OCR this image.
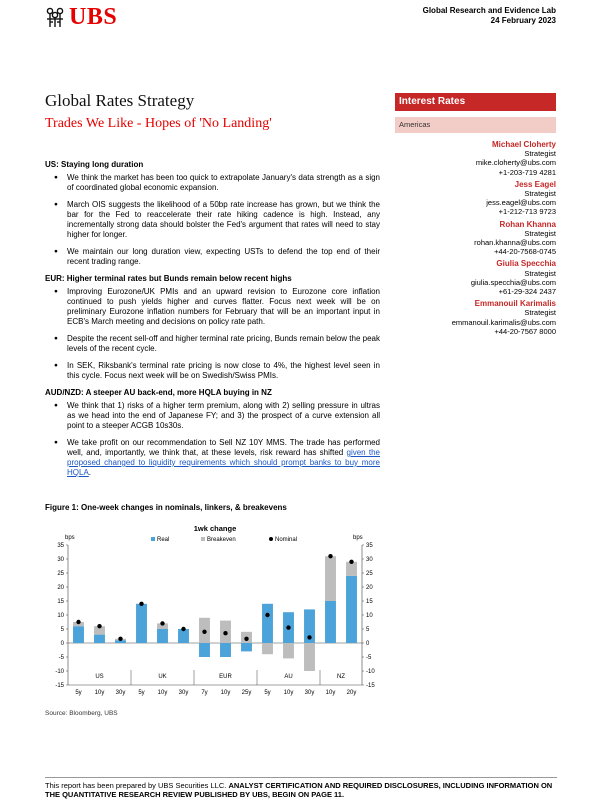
UBS	Global Research and Evidence Lab
24 February 2023
Global Rates Strategy
Trades We Like - Hopes of 'No Landing'
Interest Rates
Americas
Michael Cloherty
Strategist
mike.cloherty@ubs.com
+1-203-719 4281
Jess Eagel
Strategist
jess.eagel@ubs.com
+1-212-713 9723
Rohan Khanna
Strategist
rohan.khanna@ubs.com
+44-20-7568-0745
Giulia Specchia
Strategist
giulia.specchia@ubs.com
+61-29-324 2437
Emmanouil Karimalis
Strategist
emmanouil.karimalis@ubs.com
+44-20-7567 8000
US: Staying long duration
● We think the market has been too quick to extrapolate January's data strength as a sign of coordinated global economic expansion.
● March OIS suggests the likelihood of a 50bp rate increase has grown, but we think the bar for the Fed to reaccelerate their rate hiking cadence is high. Instead, any incrementally strong data should bolster the Fed's argument that rates will need to stay higher for longer.
● We maintain our long duration view, expecting USTs to defend the top end of their recent trading range.
EUR: Higher terminal rates but Bunds remain below recent highs
● Improving Eurozone/UK PMIs and an upward revision to Eurozone core inflation continued to push yields higher and curves flatter. Focus next week will be on preliminary Eurozone inflation numbers for February that will be an important input in ECB's March meeting and decisions on policy rate path.
● Despite the recent sell-off and higher terminal rate pricing, Bunds remain below the peak levels of the recent cycle.
● In SEK, Riksbank's terminal rate pricing is now close to 4%, the highest level seen in this cycle. Focus next week will be on Swedish/Swiss PMIs.
AUD/NZD: A steeper AU back-end, more HQLA buying in NZ
● We think that 1) risks of a higher term premium, along with 2) selling pressure in ultras as we head into the end of Japanese FY; and 3) the prospect of a curve extension all point to a steeper ACGB 10s30s.
● We take profit on our recommendation to Sell NZ 10Y MMS. The trade has performed well, and, importantly, we think that, at these levels, risk reward has shifted given the proposed changed to liquidity requirements which should prompt banks to buy more HQLA.
Figure 1: One-week changes in nominals, linkers, & breakevens
1wk change
bps	bps
Real	Breakeven	Nominal
-15	-15
-10	-10
-5	-5
0	0
5	5
10	10
15	15
20	20
25	25
30	30
35	35
5y 10y 30y 5y 10y 30y 7y 10y 25y 5y 10y 30y 10y 20y
US	UK	EUR	AU	NZ
Source: Bloomberg, UBS
This report has been prepared by UBS Securities LLC. ANALYST CERTIFICATION AND REQUIRED DISCLOSURES, INCLUDING INFORMATION ON THE QUANTITATIVE RESEARCH REVIEW PUBLISHED BY UBS, BEGIN ON PAGE 11.
